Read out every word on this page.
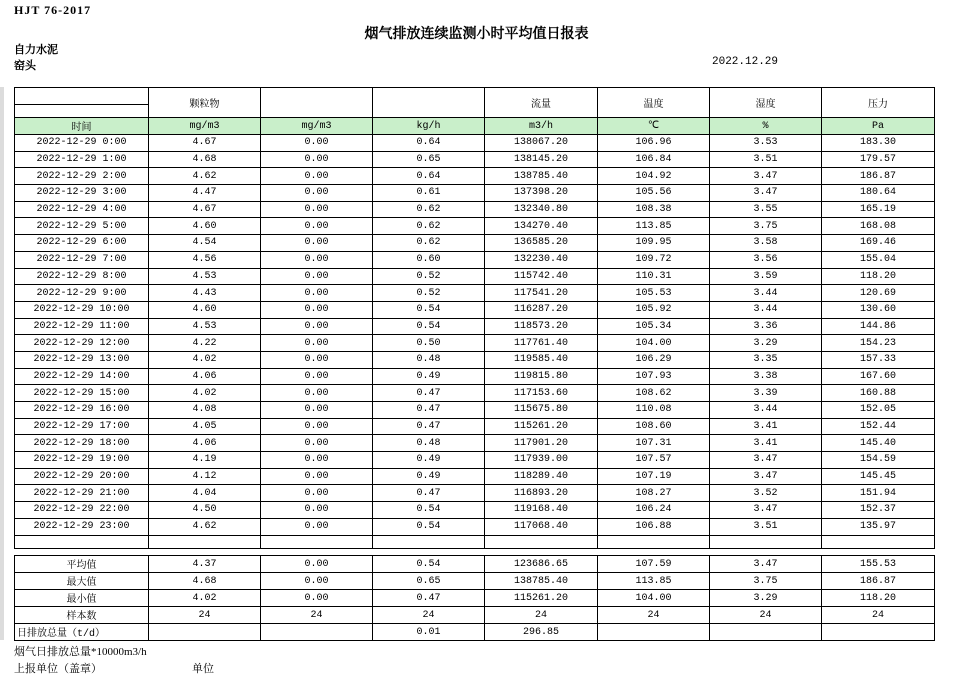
HJT 76-2017
烟气排放连续监测小时平均值日报表
自力水泥
窑头	2022.12.29
	颗粒物			流量	温度	湿度	压力

时间	mg/m3	mg/m3	kg/h	m3/h	℃	%	Pa
2022-12-29 0:00	4.67	0.00	0.64	138067.20	106.96	3.53	183.30
2022-12-29 1:00	4.68	0.00	0.65	138145.20	106.84	3.51	179.57
2022-12-29 2:00	4.62	0.00	0.64	138785.40	104.92	3.47	186.87
2022-12-29 3:00	4.47	0.00	0.61	137398.20	105.56	3.47	180.64
2022-12-29 4:00	4.67	0.00	0.62	132340.80	108.38	3.55	165.19
2022-12-29 5:00	4.60	0.00	0.62	134270.40	113.85	3.75	168.08
2022-12-29 6:00	4.54	0.00	0.62	136585.20	109.95	3.58	169.46
2022-12-29 7:00	4.56	0.00	0.60	132230.40	109.72	3.56	155.04
2022-12-29 8:00	4.53	0.00	0.52	115742.40	110.31	3.59	118.20
2022-12-29 9:00	4.43	0.00	0.52	117541.20	105.53	3.44	120.69
2022-12-29 10:00	4.60	0.00	0.54	116287.20	105.92	3.44	130.60
2022-12-29 11:00	4.53	0.00	0.54	118573.20	105.34	3.36	144.86
2022-12-29 12:00	4.22	0.00	0.50	117761.40	104.00	3.29	154.23
2022-12-29 13:00	4.02	0.00	0.48	119585.40	106.29	3.35	157.33
2022-12-29 14:00	4.06	0.00	0.49	119815.80	107.93	3.38	167.60
2022-12-29 15:00	4.02	0.00	0.47	117153.60	108.62	3.39	160.88
2022-12-29 16:00	4.08	0.00	0.47	115675.80	110.08	3.44	152.05
2022-12-29 17:00	4.05	0.00	0.47	115261.20	108.60	3.41	152.44
2022-12-29 18:00	4.06	0.00	0.48	117901.20	107.31	3.41	145.40
2022-12-29 19:00	4.19	0.00	0.49	117939.00	107.57	3.47	154.59
2022-12-29 20:00	4.12	0.00	0.49	118289.40	107.19	3.47	145.45
2022-12-29 21:00	4.04	0.00	0.47	116893.20	108.27	3.52	151.94
2022-12-29 22:00	4.50	0.00	0.54	119168.40	106.24	3.47	152.37
2022-12-29 23:00	4.62	0.00	0.54	117068.40	106.88	3.51	135.97

平均值	4.37	0.00	0.54	123686.65	107.59	3.47	155.53
最大值	4.68	0.00	0.65	138785.40	113.85	3.75	186.87
最小值	4.02	0.00	0.47	115261.20	104.00	3.29	118.20
样本数	24	24	24	24	24	24	24
日排放总量（t/d）			0.01	296.85			
烟气日排放总量*10000m3/h
上报单位（盖章）	单位
